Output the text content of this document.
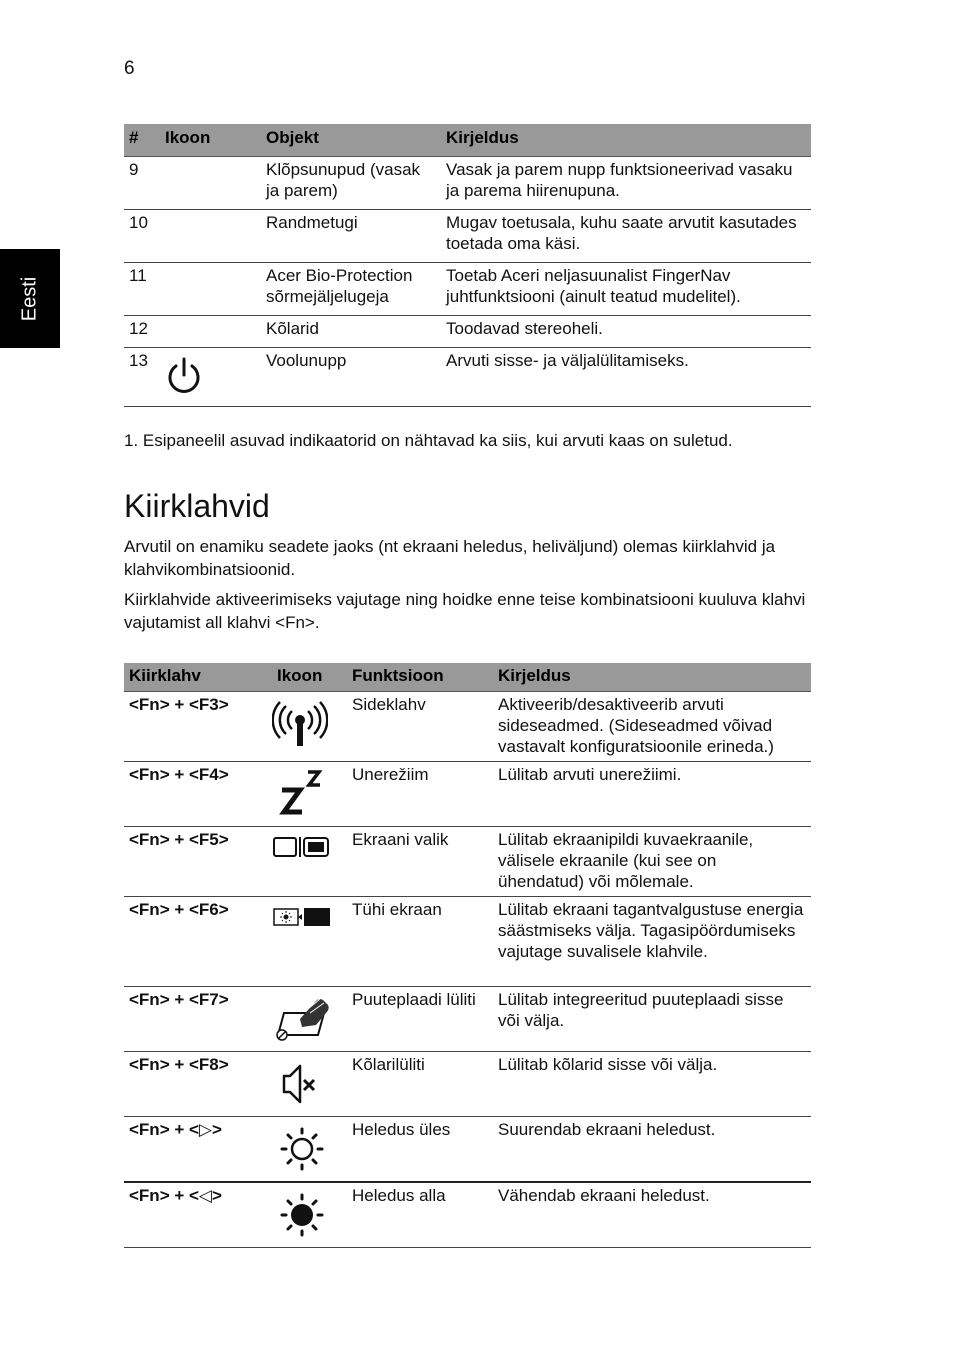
6
Eesti
#	Ikoon	Objekt	Kirjeldus
9		Klõpsunupud (vasak ja parem)	Vasak ja parem nupp funktsioneerivad vasaku ja parema hiirenupuna.
10		Randmetugi	Mugav toetusala, kuhu saate arvutit kasutades toetada oma käsi.
11		Acer Bio-Protection sõrmejäljelugeja	Toetab Aceri neljasuunalist FingerNav juhtfunktsiooni (ainult teatud mudelitel).
12		Kõlarid	Toodavad stereoheli.
13		Voolunupp	Arvuti sisse- ja väljalülitamiseks.
1. Esipaneelil asuvad indikaatorid on nähtavad ka siis, kui arvuti kaas on suletud.
Kiirklahvid

Arvutil on enamiku seadete jaoks (nt ekraani heledus, heliväljund) olemas kiirklahvid ja klahvikombinatsioonid.

Kiirklahvide aktiveerimiseks vajutage ning hoidke enne teise kombinatsiooni kuuluva klahvi vajutamist all klahvi <Fn>.

Kiirklahv	Ikoon	Funktsioon	Kirjeldus
<Fn> + <F3>		Sideklahv	Aktiveerib/desaktiveerib arvuti sideseadmed. (Sideseadmed võivad vastavalt konfiguratsioonile erineda.)
<Fn> + <F4>		Unerežiim	Lülitab arvuti unerežiimi.
<Fn> + <F5>		Ekraani valik	Lülitab ekraanipildi kuvaekraanile, välisele ekraanile (kui see on ühendatud) või mõlemale.
<Fn> + <F6>		Tühi ekraan	Lülitab ekraani tagantvalgustuse energia säästmiseks välja. Tagasipöördumiseks vajutage suvalisele klahvile.
<Fn> + <F7>		Puuteplaadi lüliti	Lülitab integreeritud puuteplaadi sisse või välja.
<Fn> + <F8>		Kõlarilüliti	Lülitab kõlarid sisse või välja.
<Fn> + <▷>		Heledus üles	Suurendab ekraani heledust.
<Fn> + <◁>		Heledus alla	Vähendab ekraani heledust.
